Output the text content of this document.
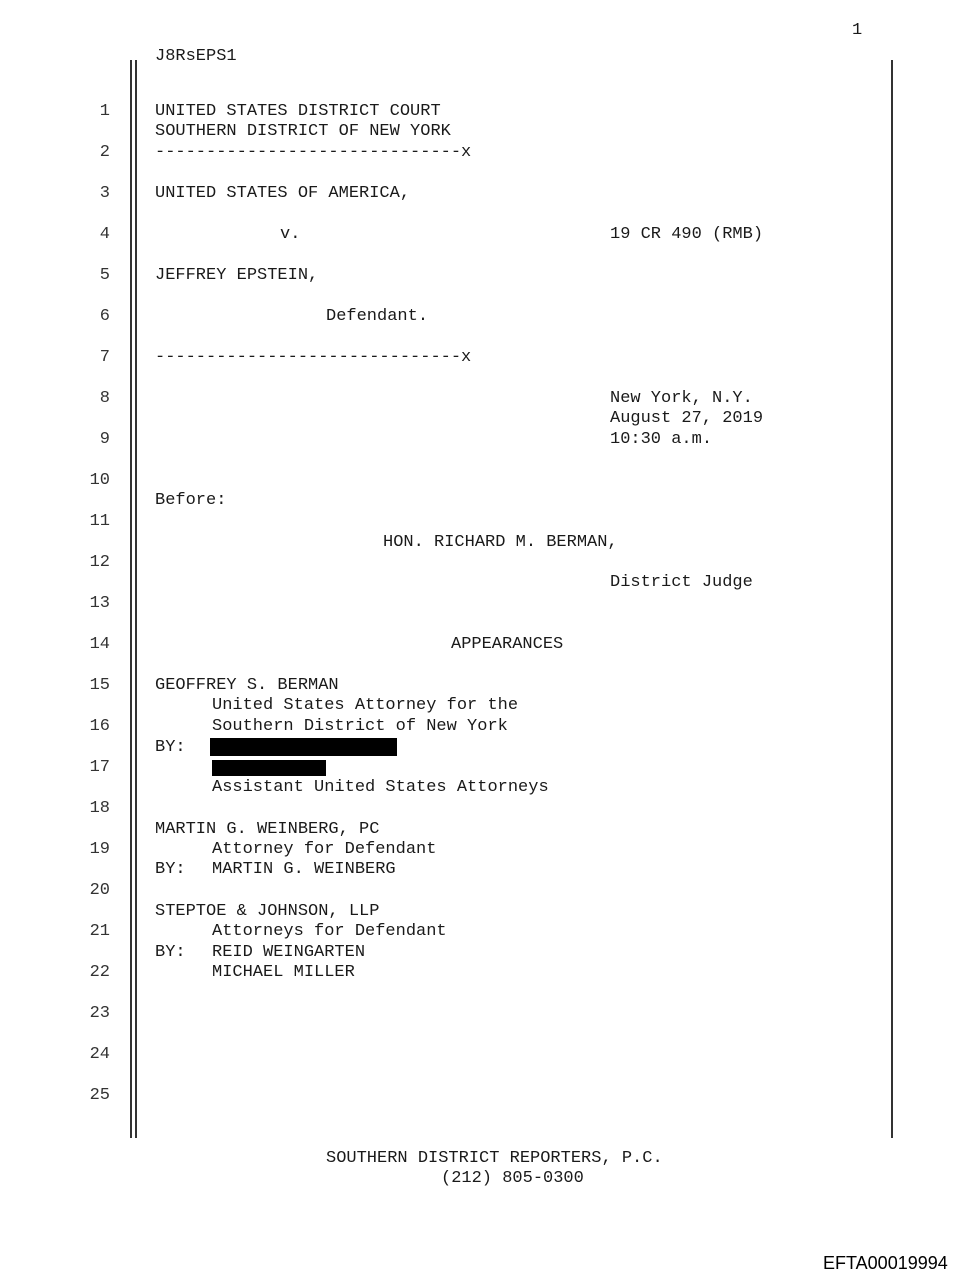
1
J8RsEPS1
1
2
3
4
5
6
7
8
9
10
11
12
13
14
15
16
17
18
19
20
21
22
23
24
25
UNITED STATES DISTRICT COURT
SOUTHERN DISTRICT OF NEW YORK
------------------------------x
UNITED STATES OF AMERICA,
v.	19 CR 490 (RMB)
JEFFREY EPSTEIN,
Defendant.
------------------------------x
New York, N.Y.
August 27, 2019
10:30 a.m.
Before:
HON. RICHARD M. BERMAN,
District Judge
APPEARANCES
GEOFFREY S. BERMAN
United States Attorney for the
Southern District of New York
BY:
Assistant United States Attorneys
MARTIN G. WEINBERG, PC
Attorney for Defendant
BY: MARTIN G. WEINBERG
STEPTOE & JOHNSON, LLP
Attorneys for Defendant
BY: REID WEINGARTEN
MICHAEL MILLER
SOUTHERN DISTRICT REPORTERS, P.C.
(212) 805-0300
EFTA00019994
